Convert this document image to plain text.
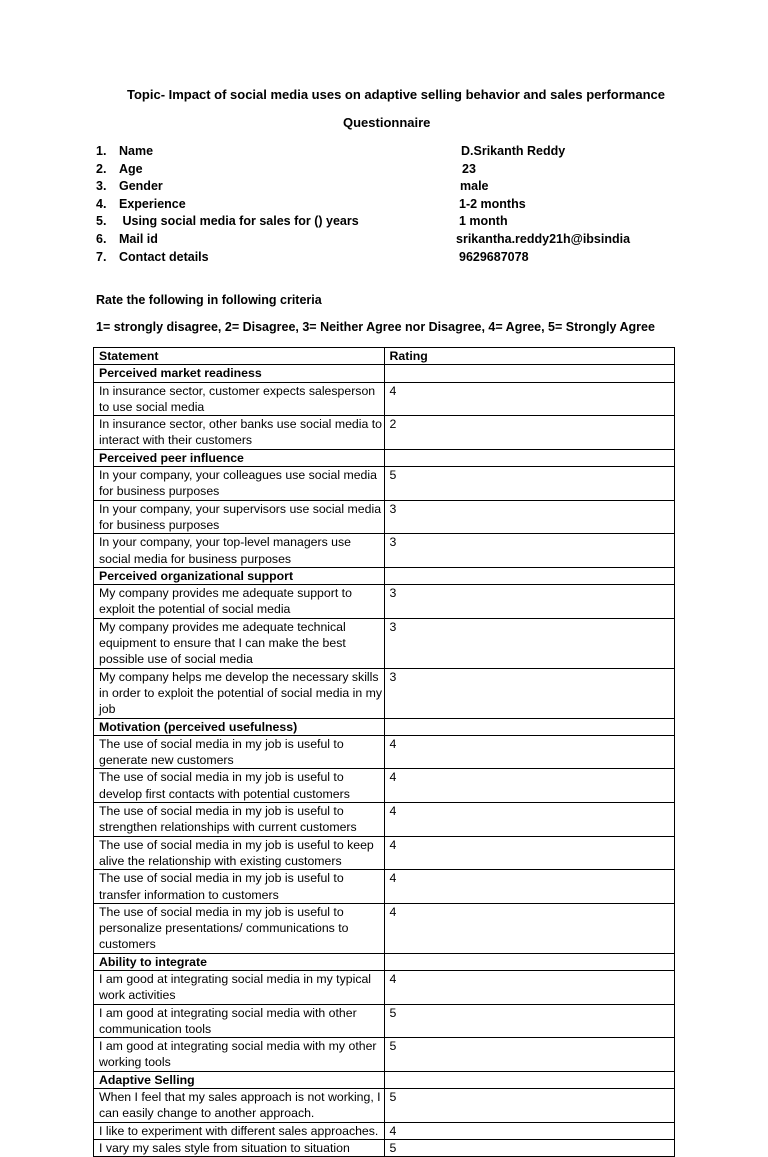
Topic- Impact of social media uses on adaptive selling behavior and sales performance
Questionnaire
1. Name	D.Srikanth Reddy
2. Age	23
3. Gender	male
4. Experience	1-2 months
5. Using social media for sales for () years	1 month
6. Mail id	srikantha.reddy21h@ibsindia
7. Contact details	9629687078
Rate the following in following criteria
1= strongly disagree, 2= Disagree, 3= Neither Agree nor Disagree, 4= Agree, 5= Strongly Agree
Statement	Rating
Perceived market readiness	
In insurance sector, customer expects salesperson to use social media	4
In insurance sector, other banks use social media to interact with their customers	2
Perceived peer influence	
In your company, your colleagues use social media for business purposes	5
In your company, your supervisors use social media for business purposes	3
In your company, your top-level managers use social media for business purposes	3
Perceived organizational support	
My company provides me adequate support to exploit the potential of social media	3
My company provides me adequate technical equipment to ensure that I can make the best possible use of social media	3
My company helps me develop the necessary skills in order to exploit the potential of social media in my job	3
Motivation (perceived usefulness)	
The use of social media in my job is useful to generate new customers	4
The use of social media in my job is useful to develop first contacts with potential customers	4
The use of social media in my job is useful to strengthen relationships with current customers	4
The use of social media in my job is useful to keep alive the relationship with existing customers	4
The use of social media in my job is useful to transfer information to customers	4
The use of social media in my job is useful to personalize presentations/ communications to customers	4
Ability to integrate	
I am good at integrating social media in my typical work activities	4
I am good at integrating social media with other communication tools	5
I am good at integrating social media with my other working tools	5
Adaptive Selling	
When I feel that my sales approach is not working, I can easily change to another approach.	5
I like to experiment with different sales approaches.	4
I vary my sales style from situation to situation	5
